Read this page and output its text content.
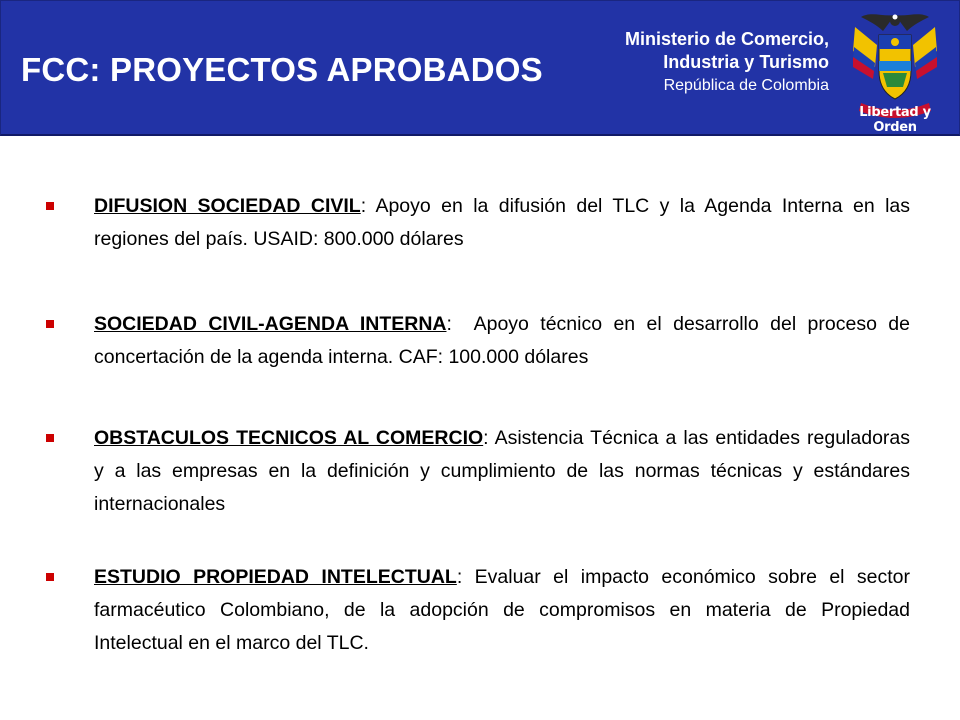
FCC: PROYECTOS APROBADOS
Ministerio de Comercio,
Industria y Turismo
República de Colombia
Libertad y Orden
DIFUSION SOCIEDAD CIVIL: Apoyo en la difusión del TLC y la Agenda Interna en las regiones del país. USAID: 800.000 dólares
SOCIEDAD CIVIL-AGENDA INTERNA:  Apoyo técnico en el desarrollo del proceso de concertación de la agenda interna. CAF: 100.000 dólares
OBSTACULOS TECNICOS AL COMERCIO: Asistencia Técnica a las entidades reguladoras y a las empresas en la definición y cumplimiento de las normas técnicas y estándares internacionales
ESTUDIO PROPIEDAD INTELECTUAL: Evaluar el impacto económico sobre el sector farmacéutico Colombiano, de la adopción de compromisos en materia de Propiedad Intelectual en el marco del TLC.
